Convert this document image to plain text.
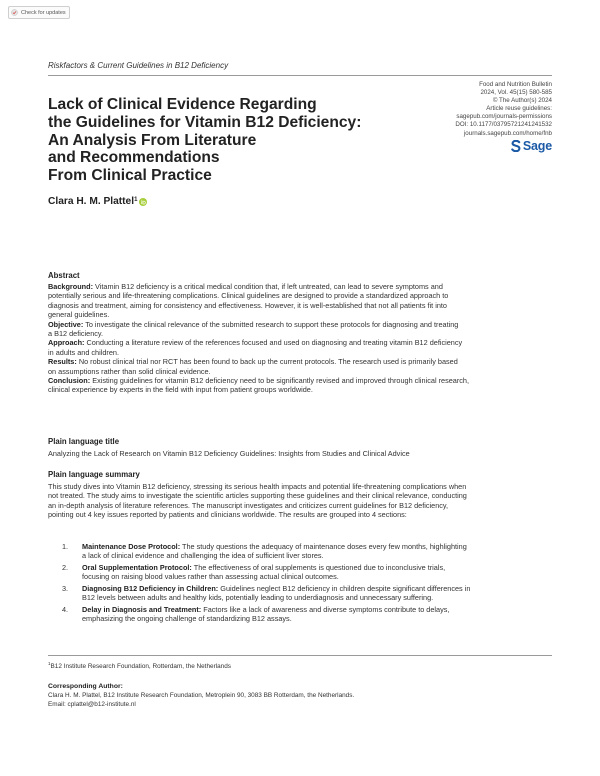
Check for updates
Riskfactors & Current Guidelines in B12 Deficiency
Food and Nutrition Bulletin
2024, Vol. 45(15) 580-585
© The Author(s) 2024
Article reuse guidelines:
sagepub.com/journals-permissions
DOI: 10.1177/03795721241241532
journals.sagepub.com/home/fnb
Sage
Lack of Clinical Evidence Regarding
the Guidelines for Vitamin B12 Deficiency:
An Analysis From Literature
and Recommendations
From Clinical Practice
Clara H. M. Plattel 1
Abstract
Background: Vitamin B12 deficiency is a critical medical condition that, if left untreated, can lead to severe symptoms and
potentially serious and life-threatening complications. Clinical guidelines are designed to provide a standardized approach to
diagnosis and treatment, aiming for consistency and effectiveness. However, it is well-established that not all patients fit into
general guidelines.
Objective: To investigate the clinical relevance of the submitted research to support these protocols for diagnosing and treating
a B12 deficiency.
Approach: Conducting a literature review of the references focused and used on diagnosing and treating vitamin B12 deficiency
in adults and children.
Results: No robust clinical trial nor RCT has been found to back up the current protocols. The research used is primarily based
on assumptions rather than solid clinical evidence.
Conclusion: Existing guidelines for vitamin B12 deficiency need to be significantly revised and improved through clinical research,
clinical experience by experts in the field with input from patient groups worldwide.
Plain language title
Analyzing the Lack of Research on Vitamin B12 Deficiency Guidelines: Insights from Studies and Clinical Advice
Plain language summary
This study dives into Vitamin B12 deficiency, stressing its serious health impacts and potential life-threatening complications when
not treated. The study aims to investigate the scientific articles supporting these guidelines and their clinical relevance, conducting
an in-depth analysis of literature references. The manuscript investigates and criticizes current guidelines for B12 deficiency,
pointing out 4 key issues reported by patients and clinicians worldwide. The results are grouped into 4 sections:
1. Maintenance Dose Protocol: The study questions the adequacy of maintenance doses every few months, highlighting
a lack of clinical evidence and challenging the idea of sufficient liver stores.
2. Oral Supplementation Protocol: The effectiveness of oral supplements is questioned due to inconclusive trials,
focusing on raising blood values rather than assessing actual clinical outcomes.
3. Diagnosing B12 Deficiency in Children: Guidelines neglect B12 deficiency in children despite significant differences in
B12 levels between adults and healthy kids, potentially leading to underdiagnosis and unnecessary suffering.
4. Delay in Diagnosis and Treatment: Factors like a lack of awareness and diverse symptoms contribute to delays,
emphasizing the ongoing challenge of standardizing B12 assays.
$^1$B12 Institute Research Foundation, Rotterdam, the Netherlands
Corresponding Author:
Clara H. M. Plattel, B12 Institute Research Foundation, Metroplein 90, 3083 BB Rotterdam, the Netherlands.
Email: cplattel@b12-institute.nl
